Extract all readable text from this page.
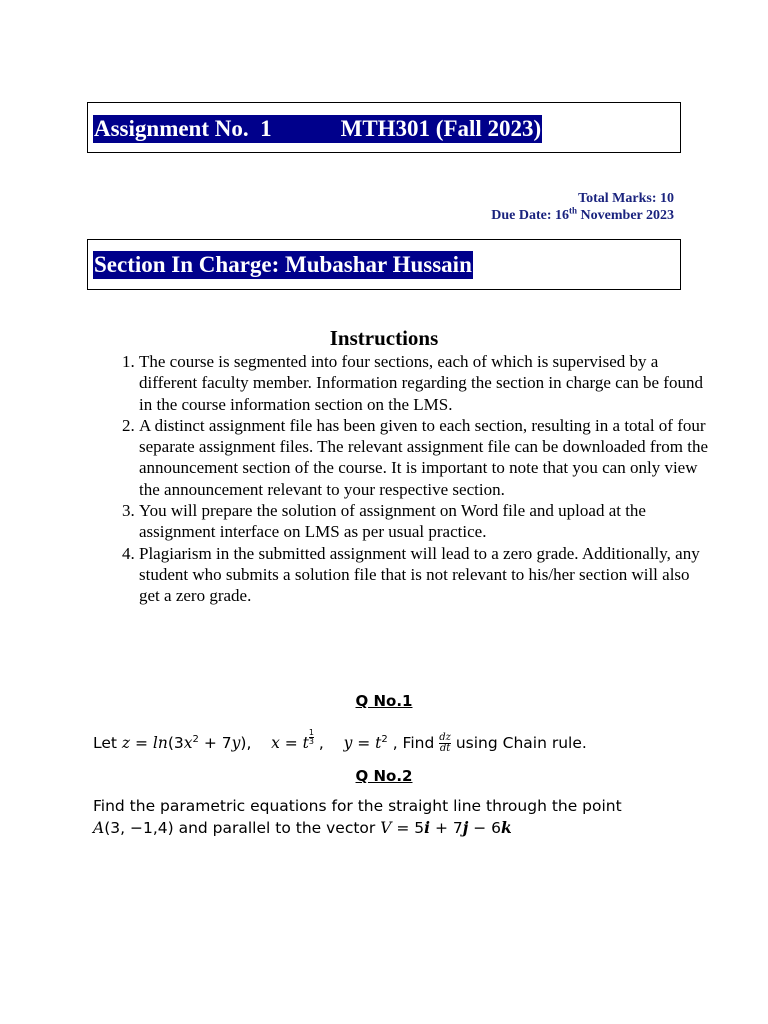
Assignment No.  1            MTH301 (Fall 2023)
Total Marks: 10
Due Date: 16th November 2023
Section In Charge: Mubashar Hussain
Instructions
1. The course is segmented into four sections, each of which is supervised by a different faculty member. Information regarding the section in charge can be found in the course information section on the LMS.
2. A distinct assignment file has been given to each section, resulting in a total of four separate assignment files. The relevant assignment file can be downloaded from the announcement section of the course. It is important to note that you can only view the announcement relevant to your respective section.
3. You will prepare the solution of assignment on Word file and upload at the assignment interface on LMS as per usual practice.
4. Plagiarism in the submitted assignment will lead to a zero grade. Additionally, any student who submits a solution file that is not relevant to his/her section will also get a zero grade.
Q No.1
Let $z = \ln(3x^2 + 7y)$,    x = t $\frac{1}{3}$ ,    $y = t^2$ , Find $\frac{dz}{dt}$ using Chain rule.
Q No.2
Find the parametric equations for the straight line through the point
A(3, −1,4) and parallel to the vector V = 5i + 7j − 6k
